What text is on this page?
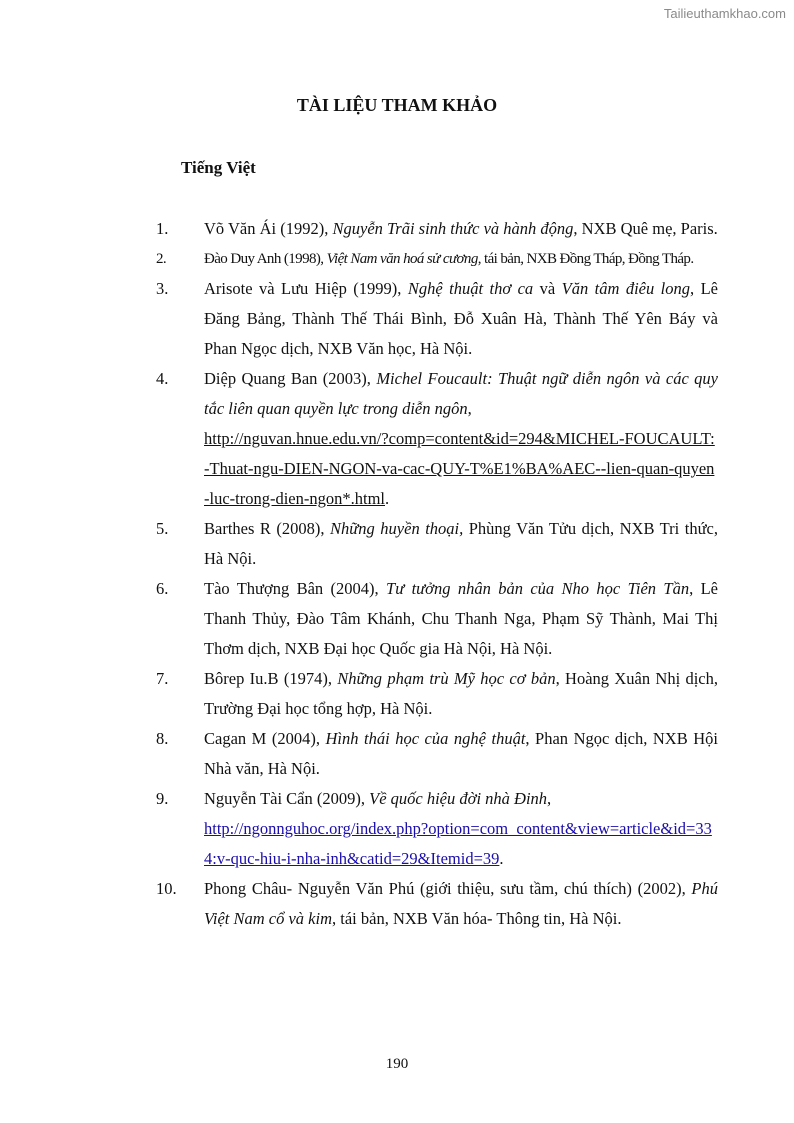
Tailieuthamkhao.com
TÀI LIỆU THAM KHẢO
Tiếng Việt
1. Võ Văn Ái (1992), Nguyễn Trãi sinh thức và hành động, NXB Quê mẹ, Paris.
2.	Đào Duy Anh (1998), Việt Nam văn hoá sử cương, tái bản, NXB Đồng Tháp, Đồng Tháp.
3. Arisote và Lưu Hiệp (1999), Nghệ thuật thơ ca và Văn tâm điêu long, Lê Đăng Bảng, Thành Thế Thái Bình, Đỗ Xuân Hà, Thành Thế Yên Báy và Phan Ngọc dịch, NXB Văn học, Hà Nội.
4. Diệp Quang Ban (2003), Michel Foucault: Thuật ngữ diễn ngôn và các quy tắc liên quan quyền lực trong diễn ngôn,
http://nguvan.hnue.edu.vn/?comp=content&id=294&MICHEL-FOUCAULT:-Thuat-ngu-DIEN-NGON-va-cac-QUY-T%E1%BA%AEC--lien-quan-quyen-luc-trong-dien-ngon*.html.
5. Barthes R (2008), Những huyền thoại, Phùng Văn Tửu dịch, NXB Tri thức, Hà Nội.
6. Tào Thượng Bân (2004), Tư tưởng nhân bản của Nho học Tiên Tần, Lê Thanh Thủy, Đào Tâm Khánh, Chu Thanh Nga, Phạm Sỹ Thành, Mai Thị Thơm dịch, NXB Đại học Quốc gia Hà Nội, Hà Nội.
7. Bôrep Iu.B (1974), Những phạm trù Mỹ học cơ bản, Hoàng Xuân Nhị dịch, Trường Đại học tổng hợp, Hà Nội.
8. Cagan M (2004), Hình thái học của nghệ thuật, Phan Ngọc dịch, NXB Hội Nhà văn, Hà Nội.
9. Nguyễn Tài Cẩn (2009), Về quốc hiệu đời nhà Đinh,
http://ngonnguhoc.org/index.php?option=com_content&view=article&id=334:v-quc-hiu-i-nha-inh&catid=29&Itemid=39.
10. Phong Châu- Nguyễn Văn Phú (giới thiệu, sưu tầm, chú thích) (2002), Phú Việt Nam cổ và kim, tái bản, NXB Văn hóa- Thông tin, Hà Nội.
190
